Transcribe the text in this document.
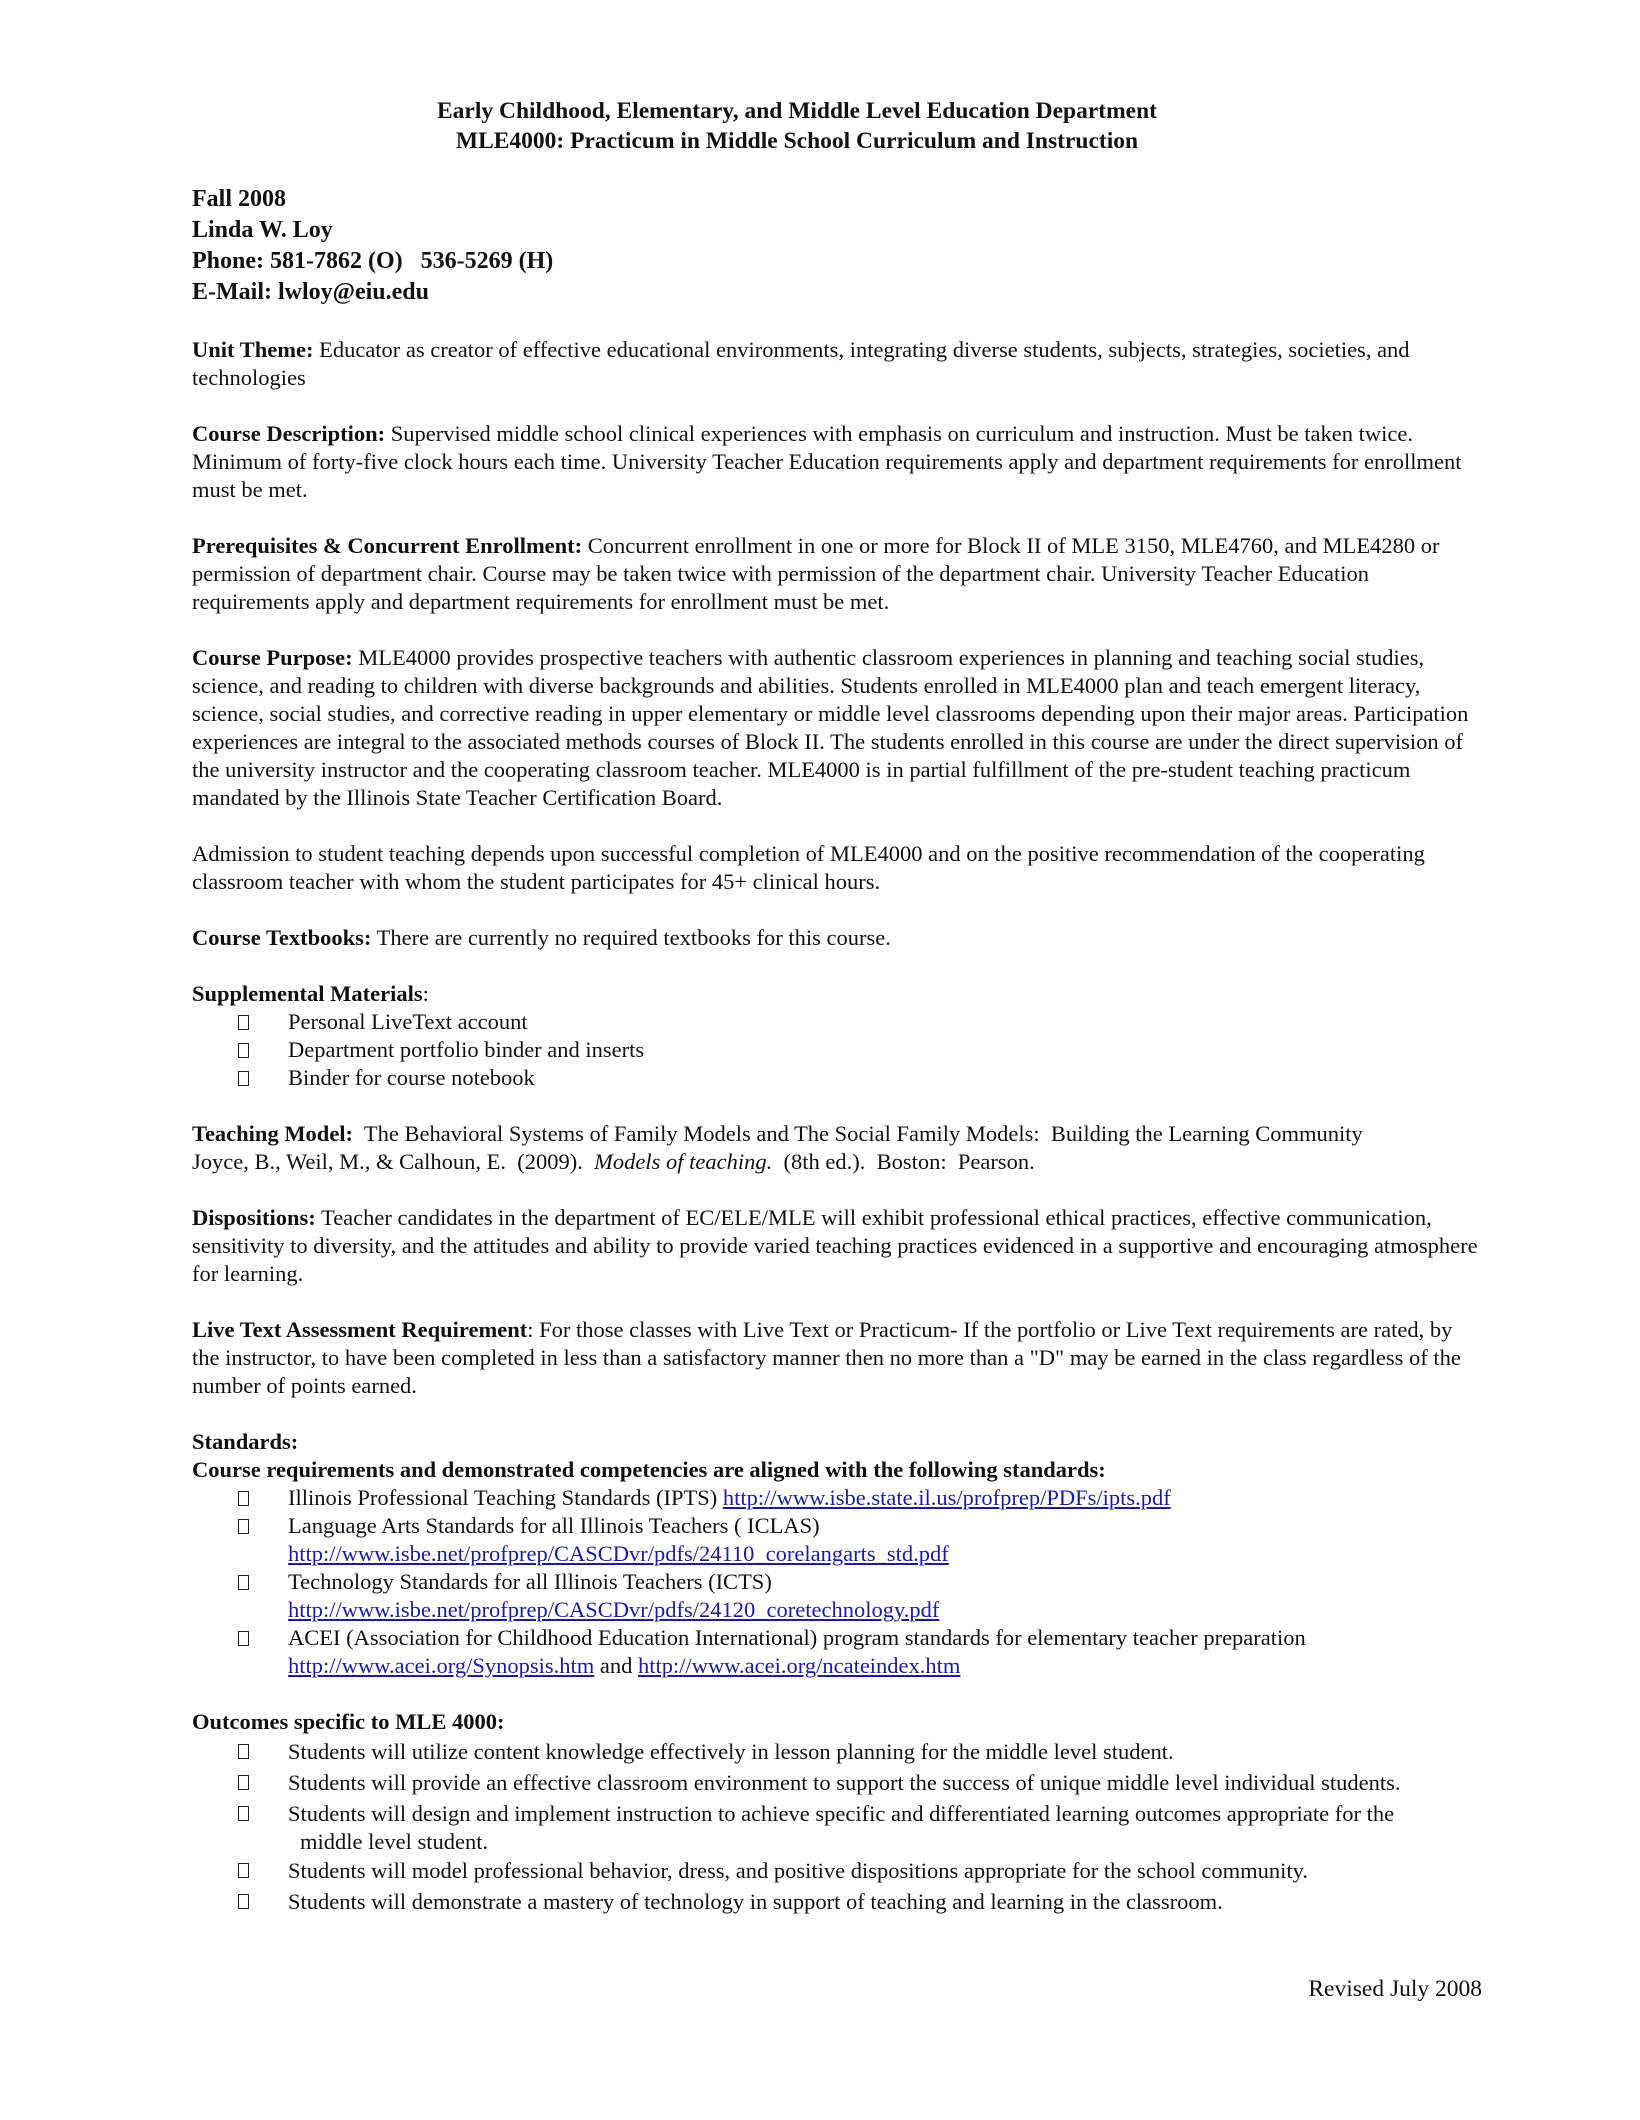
Early Childhood, Elementary, and Middle Level Education Department
MLE4000: Practicum in Middle School Curriculum and Instruction
Fall 2008
Linda W. Loy
Phone: 581-7862 (O)   536-5269 (H)
E-Mail: lwloy@eiu.edu

Unit Theme: Educator as creator of effective educational environments, integrating diverse students, subjects, strategies, societies, and technologies

Course Description: Supervised middle school clinical experiences with emphasis on curriculum and instruction. Must be taken twice. Minimum of forty-five clock hours each time. University Teacher Education requirements apply and department requirements for enrollment must be met.

Prerequisites & Concurrent Enrollment: Concurrent enrollment in one or more for Block II of MLE 3150, MLE4760, and MLE4280 or permission of department chair. Course may be taken twice with permission of the department chair. University Teacher Education requirements apply and department requirements for enrollment must be met.

Course Purpose: MLE4000 provides prospective teachers with authentic classroom experiences in planning and teaching social studies, science, and reading to children with diverse backgrounds and abilities. Students enrolled in MLE4000 plan and teach emergent literacy, science, social studies, and corrective reading in upper elementary or middle level classrooms depending upon their major areas. Participation experiences are integral to the associated methods courses of Block II. The students enrolled in this course are under the direct supervision of the university instructor and the cooperating classroom teacher. MLE4000 is in partial fulfillment of the pre-student teaching practicum mandated by the Illinois State Teacher Certification Board.

Admission to student teaching depends upon successful completion of MLE4000 and on the positive recommendation of the cooperating classroom teacher with whom the student participates for 45+ clinical hours.

Course Textbooks: There are currently no required textbooks for this course.

Supplemental Materials:
Personal LiveText account
Department portfolio binder and inserts
Binder for course notebook
Teaching Model:  The Behavioral Systems of Family Models and The Social Family Models:  Building the Learning Community
Joyce, B., Weil, M., & Calhoun, E.  (2009).  Models of teaching.  (8th ed.).  Boston:  Pearson.

Dispositions: Teacher candidates in the department of EC/ELE/MLE will exhibit professional ethical practices, effective communication, sensitivity to diversity, and the attitudes and ability to provide varied teaching practices evidenced in a supportive and encouraging atmosphere for learning.

Live Text Assessment Requirement: For those classes with Live Text or Practicum- If the portfolio or Live Text requirements are rated, by the instructor, to have been completed in less than a satisfactory manner then no more than a "D" may be earned in the class regardless of the number of points earned.

Standards:
Course requirements and demonstrated competencies are aligned with the following standards:
Illinois Professional Teaching Standards (IPTS) http://www.isbe.state.il.us/profprep/PDFs/ipts.pdf
Language Arts Standards for all Illinois Teachers ( ICLAS)
http://www.isbe.net/profprep/CASCDvr/pdfs/24110_corelangarts_std.pdf
Technology Standards for all Illinois Teachers (ICTS)
http://www.isbe.net/profprep/CASCDvr/pdfs/24120_coretechnology.pdf
ACEI (Association for Childhood Education International) program standards for elementary teacher preparation
http://www.acei.org/Synopsis.htm and http://www.acei.org/ncateindex.htm
Outcomes specific to MLE 4000:
Students will utilize content knowledge effectively in lesson planning for the middle level student.
Students will provide an effective classroom environment to support the success of unique middle level individual students.
Students will design and implement instruction to achieve specific and differentiated learning outcomes appropriate for the
middle level student.
Students will model professional behavior, dress, and positive dispositions appropriate for the school community.
Students will demonstrate a mastery of technology in support of teaching and learning in the classroom.
Revised July 2008
